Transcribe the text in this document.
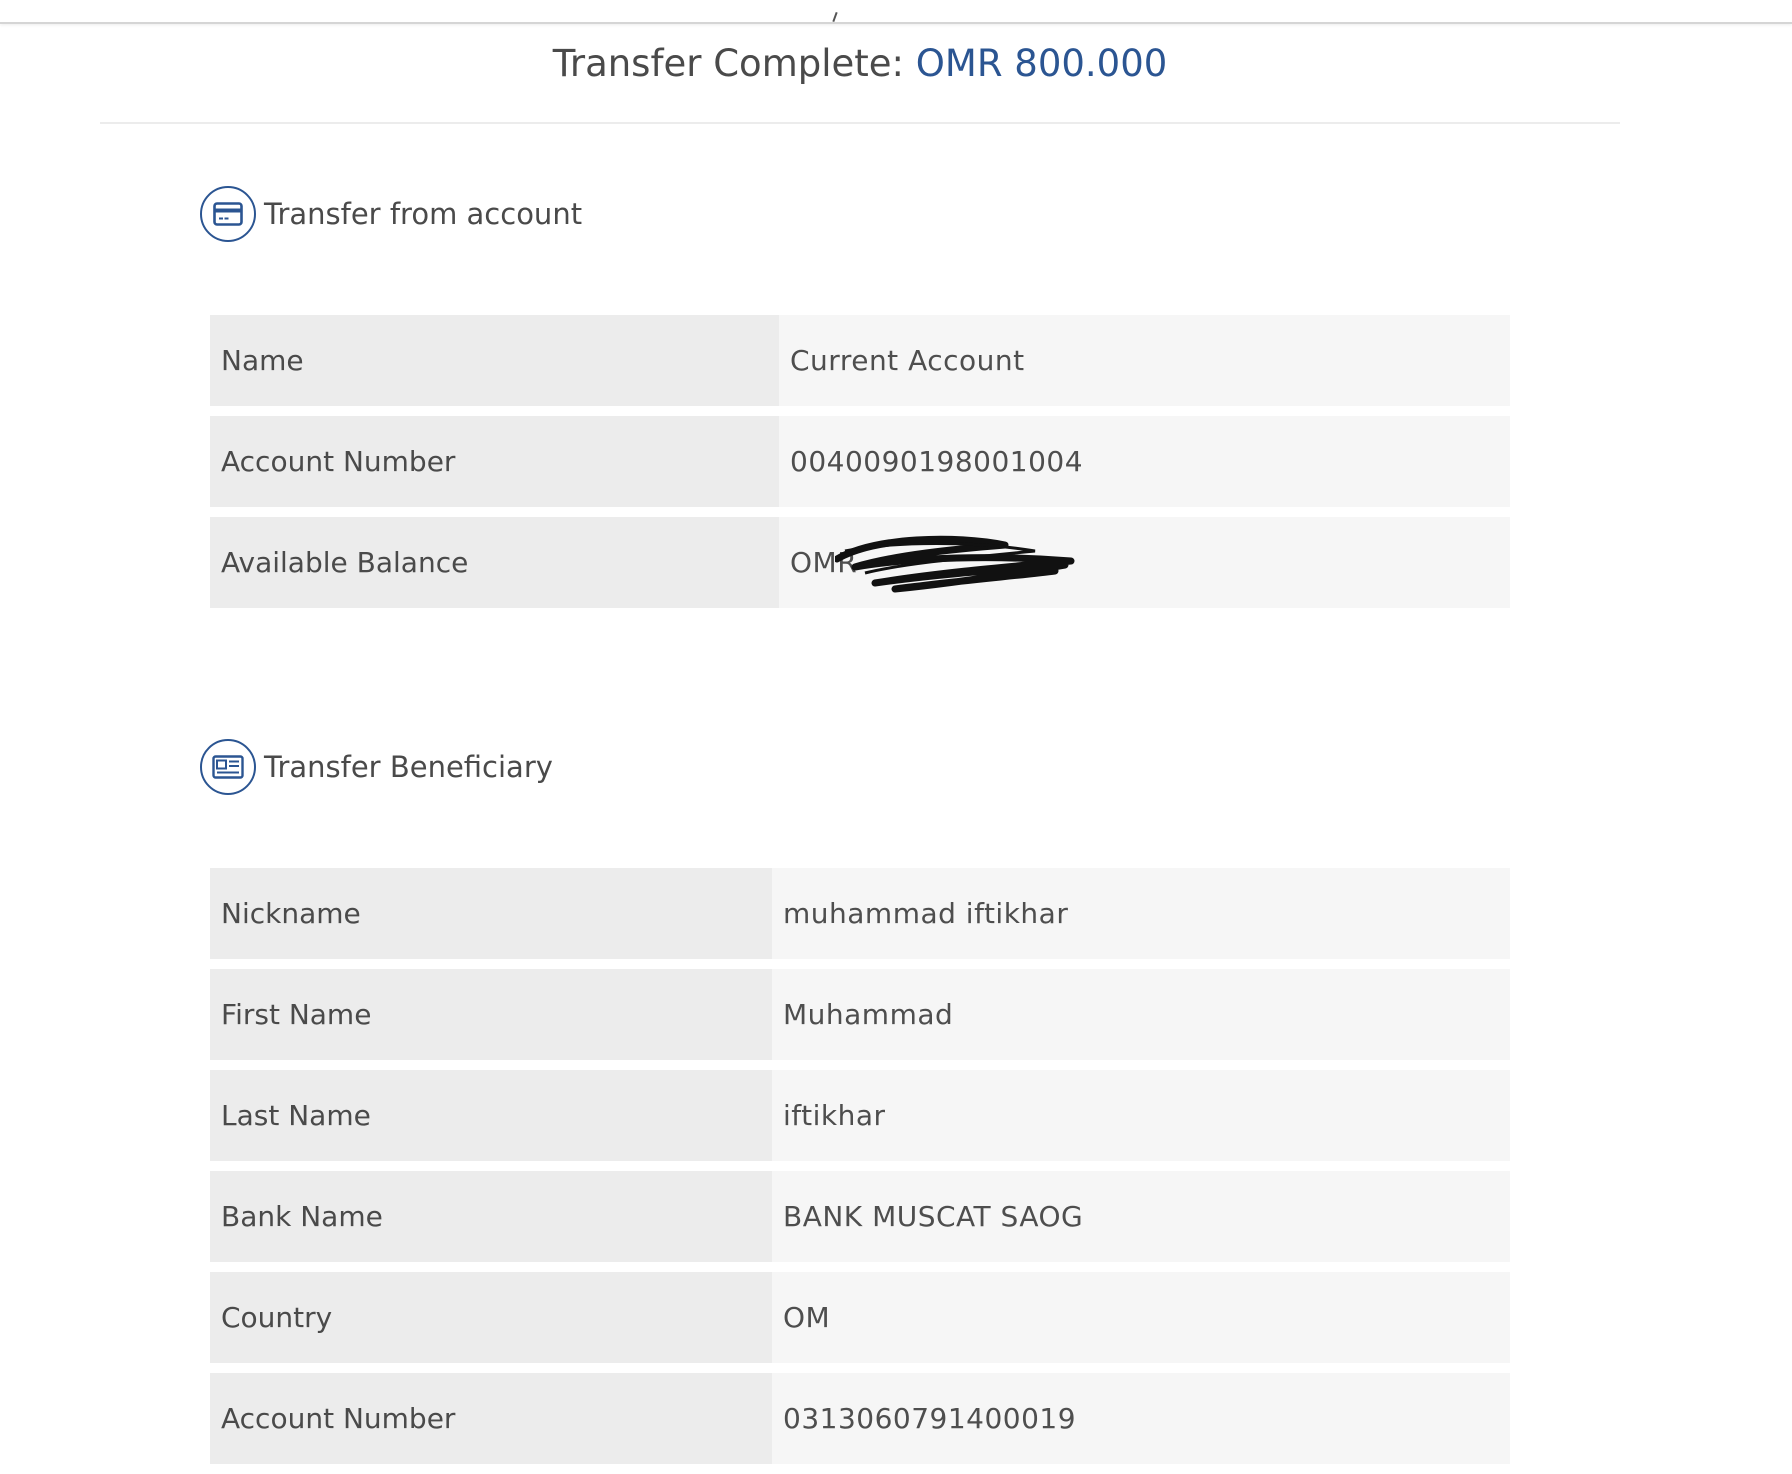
Transfer Complete: OMR 800.000
Transfer from account
Name	Current Account
Account Number	0040090198001004
Available Balance	OMR
Transfer Beneficiary
Nickname	muhammad iftikhar
First Name	Muhammad
Last Name	iftikhar
Bank Name	BANK MUSCAT SAOG
Country	OM
Account Number	0313060791400019
